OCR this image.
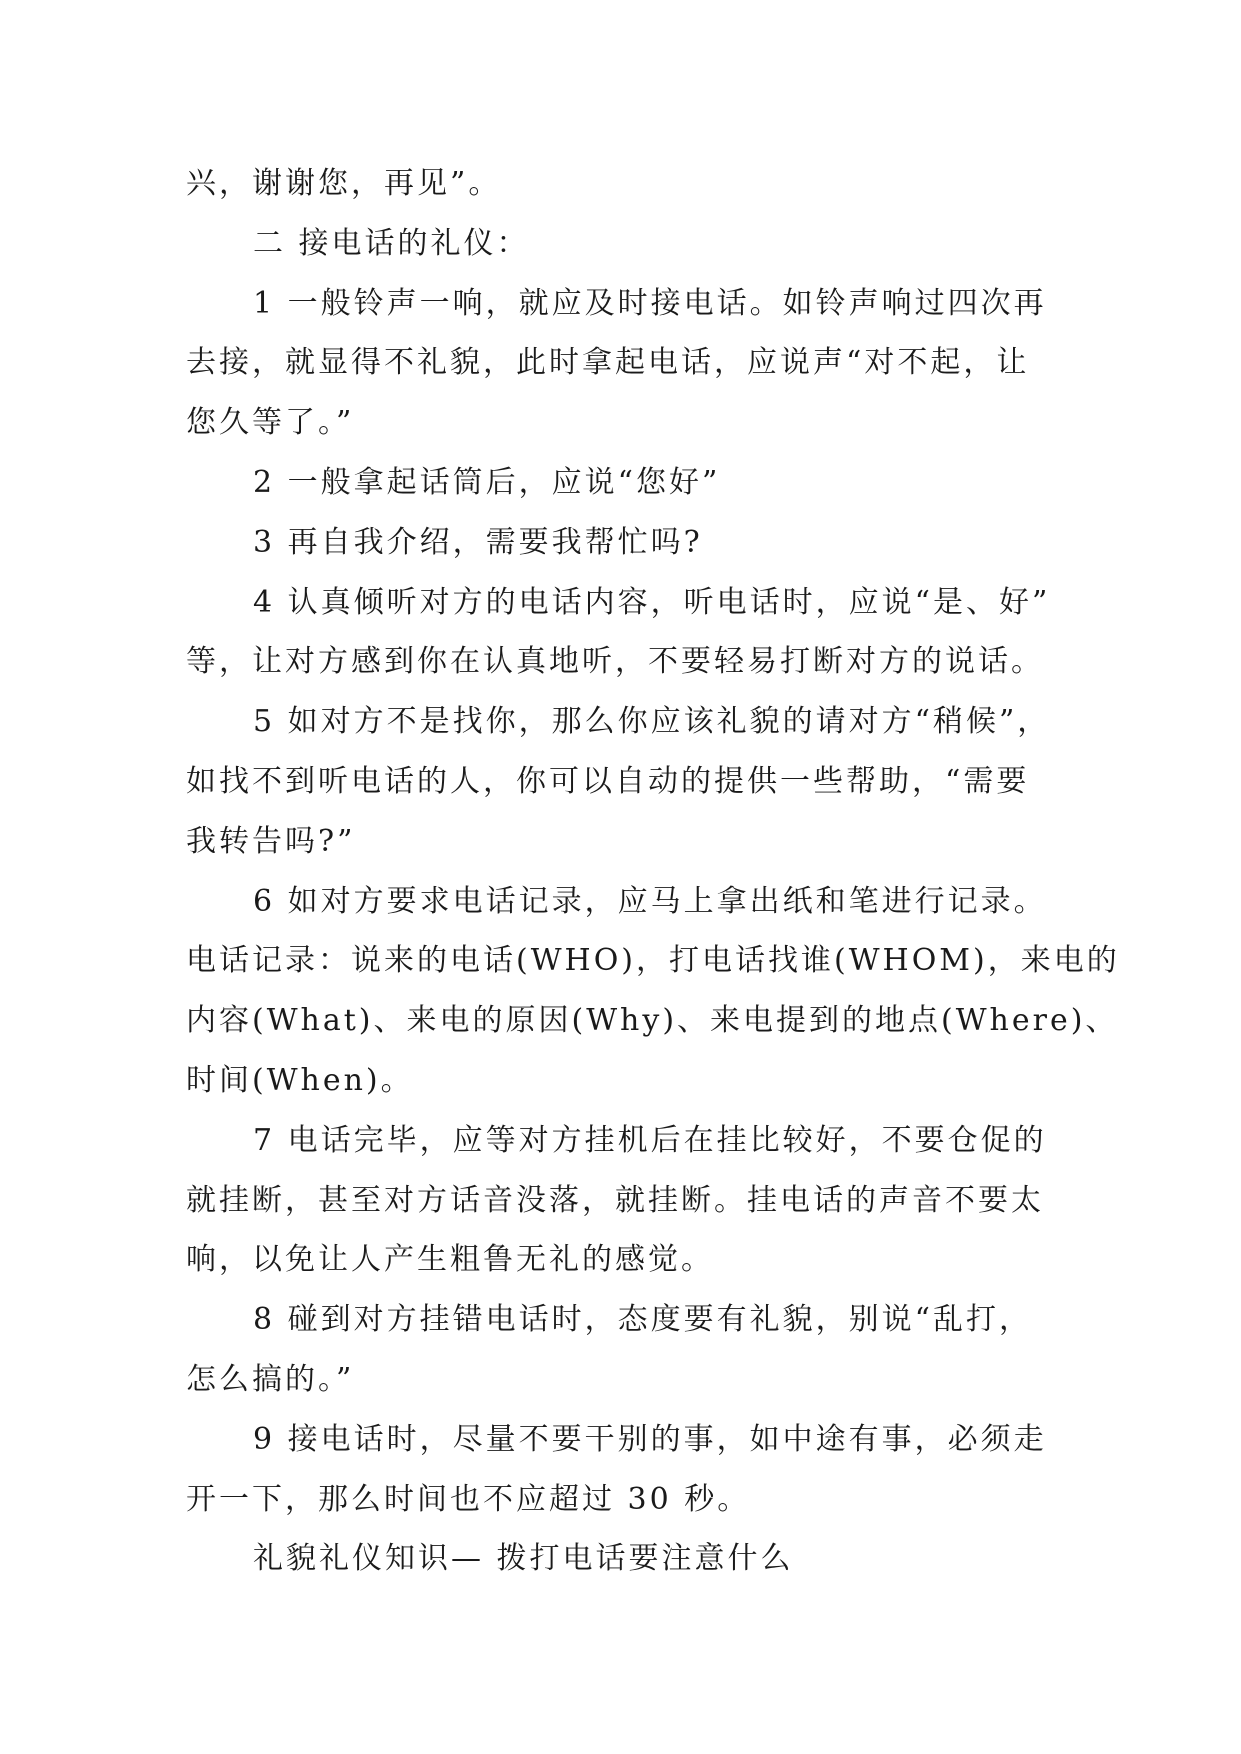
兴，谢谢您，再见”。
二 接电话的礼仪：
1 一般铃声一响，就应及时接电话。如铃声响过四次再
去接，就显得不礼貌，此时拿起电话，应说声“对不起，让
您久等了。”
2 一般拿起话筒后，应说“您好”
3 再自我介绍，需要我帮忙吗?
4 认真倾听对方的电话内容，听电话时，应说“是、好”
等，让对方感到你在认真地听，不要轻易打断对方的说话。
5 如对方不是找你，那么你应该礼貌的请对方“稍候”，
如找不到听电话的人，你可以自动的提供一些帮助，“需要
我转告吗?”
6 如对方要求电话记录，应马上拿出纸和笔进行记录。
电话记录：说来的电话(WHO)，打电话找谁(WHOM)，来电的
内容(What)、来电的原因(Why)、来电提到的地点(Where)、
时间(When)。
7 电话完毕，应等对方挂机后在挂比较好，不要仓促的
就挂断，甚至对方话音没落，就挂断。挂电话的声音不要太
响，以免让人产生粗鲁无礼的感觉。
8 碰到对方挂错电话时，态度要有礼貌，别说“乱打，
怎么搞的。”
9 接电话时，尽量不要干别的事，如中途有事，必须走
开一下，那么时间也不应超过 30 秒。
礼貌礼仪知识— 拨打电话要注意什么
